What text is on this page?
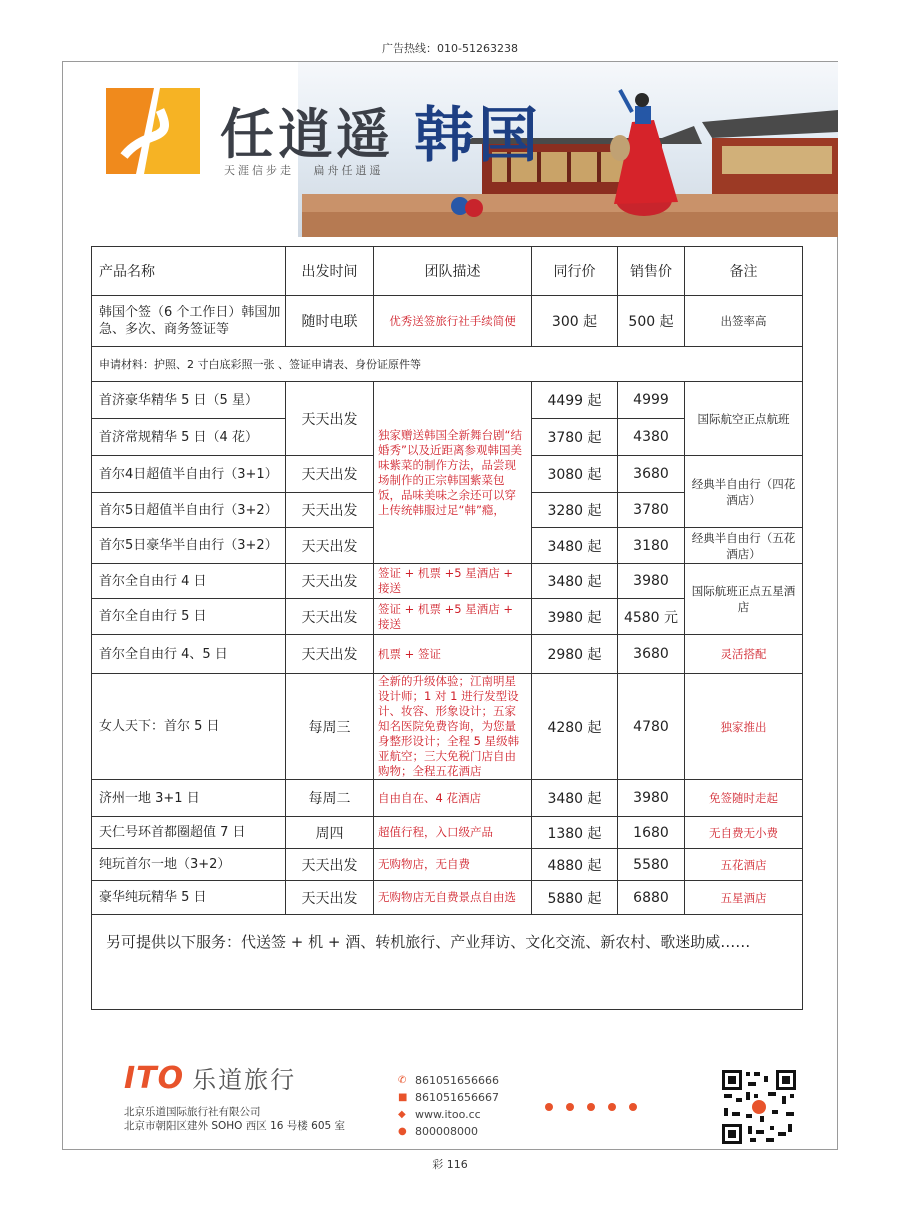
广告热线：010-51263238
任逍遥
天涯信步走   扁舟任逍遥 韩国
产品名称	出发时间	团队描述	同行价	销售价	备注
韩国个签（6 个工作日）韩国加急、多次、商务签证等	随时电联	优秀送签旅行社手续简便	300 起	500 起	出签率高
申请材料：护照、2 寸白底彩照一张 、签证申请表、身份证原件等					
首济豪华精华 5 日（5 星）	天天出发	独家赠送韩国全新舞台剧“结婚秀”以及近距离参观韩国美味紫菜的制作方法，品尝现场制作的正宗韩国紫菜包饭，品味美味之余还可以穿上传统韩服过足“韩”瘾，	4499 起	4999	国际航空正点航班
首济常规精华 5 日（4 花）			3780 起	4380	
首尔4日超值半自由行（3+1）	天天出发		3080 起	3680	经典半自由行（四花酒店）
首尔5日超值半自由行（3+2）	天天出发		3280 起	3780	
首尔5日豪华半自由行（3+2）	天天出发		3480 起	3180	经典半自由行（五花酒店）
首尔全自由行 4 日	天天出发	签证 + 机票 +5 星酒店 + 接送	3480 起	3980	国际航班正点五星酒店
首尔全自由行 5 日	天天出发	签证 + 机票 +5 星酒店 + 接送	3980 起	4580 元	
首尔全自由行 4、5 日	天天出发	机票 + 签证	2980 起	3680	灵活搭配
女人天下：首尔 5 日	每周三	全新的升级体验；江南明星设计师；1 对 1 进行发型设计、妆容、形象设计；五家知名医院免费咨询，为您量身整形设计；全程 5 星级韩亚航空；三大免税门店自由购物；全程五花酒店	4280 起	4780	独家推出
济州一地 3+1 日	每周二	自由自在、4 花酒店	3480 起	3980	免签随时走起
天仁号环首都圈超值 7 日	周四	超值行程，入口级产品	1380 起	1680	无自费无小费
纯玩首尔一地（3+2）	天天出发	无购物店，无自费	4880 起	5580	五花酒店
豪华纯玩精华 5 日	天天出发	无购物店无自费景点自由选	5880 起	6880	五星酒店
另可提供以下服务：代送签 + 机 + 酒、转机旅行、产业拜访、文化交流、新农村、歌迷助威……					
ITO 乐道旅行
北京乐道国际旅行社有限公司
北京市朝阳区建外 SOHO 西区 16 号楼 605 室
✆ 861051656666
■ 861051656667
◆ www.itoo.cc
● 800008000
彩 116
